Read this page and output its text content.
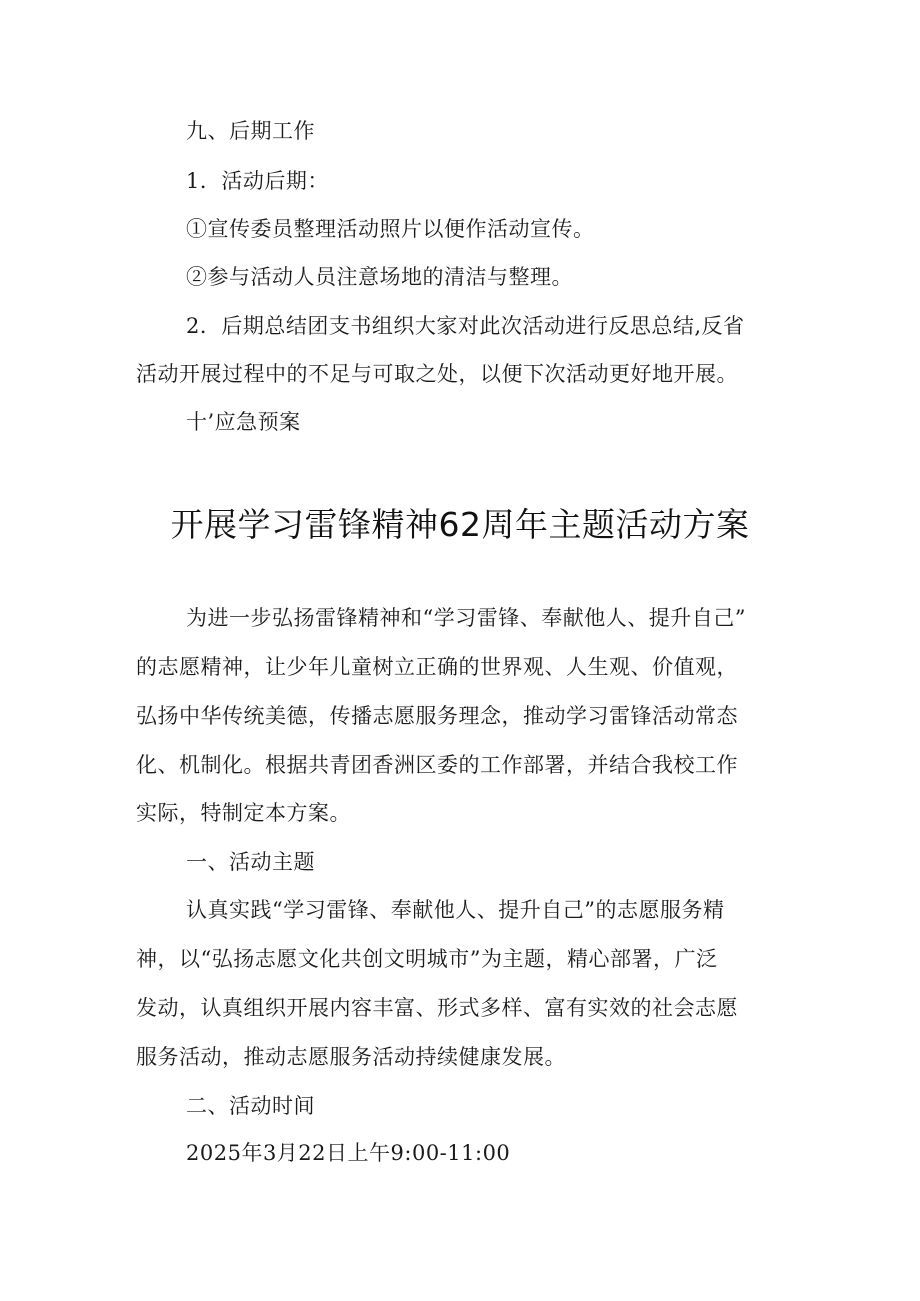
九、后期工作
1．活动后期：
①宣传委员整理活动照片以便作活动宣传。
②参与活动人员注意场地的清洁与整理。
2．后期总结团支书组织大家对此次活动进行反思总结,反省
活动开展过程中的不足与可取之处，以便下次活动更好地开展。
十’应急预案
开展学习雷锋精神62周年主题活动方案
为进一步弘扬雷锋精神和“学习雷锋、奉献他人、提升自己”
的志愿精神，让少年儿童树立正确的世界观、人生观、价值观，
弘扬中华传统美德，传播志愿服务理念，推动学习雷锋活动常态
化、机制化。根据共青团香洲区委的工作部署，并结合我校工作
实际，特制定本方案。
一、活动主题
认真实践“学习雷锋、奉献他人、提升自己”的志愿服务精
神，以“弘扬志愿文化共创文明城市”为主题，精心部署，广泛
发动，认真组织开展内容丰富、形式多样、富有实效的社会志愿
服务活动，推动志愿服务活动持续健康发展。
二、活动时间
2025年3月22日上午9:00-11:00
